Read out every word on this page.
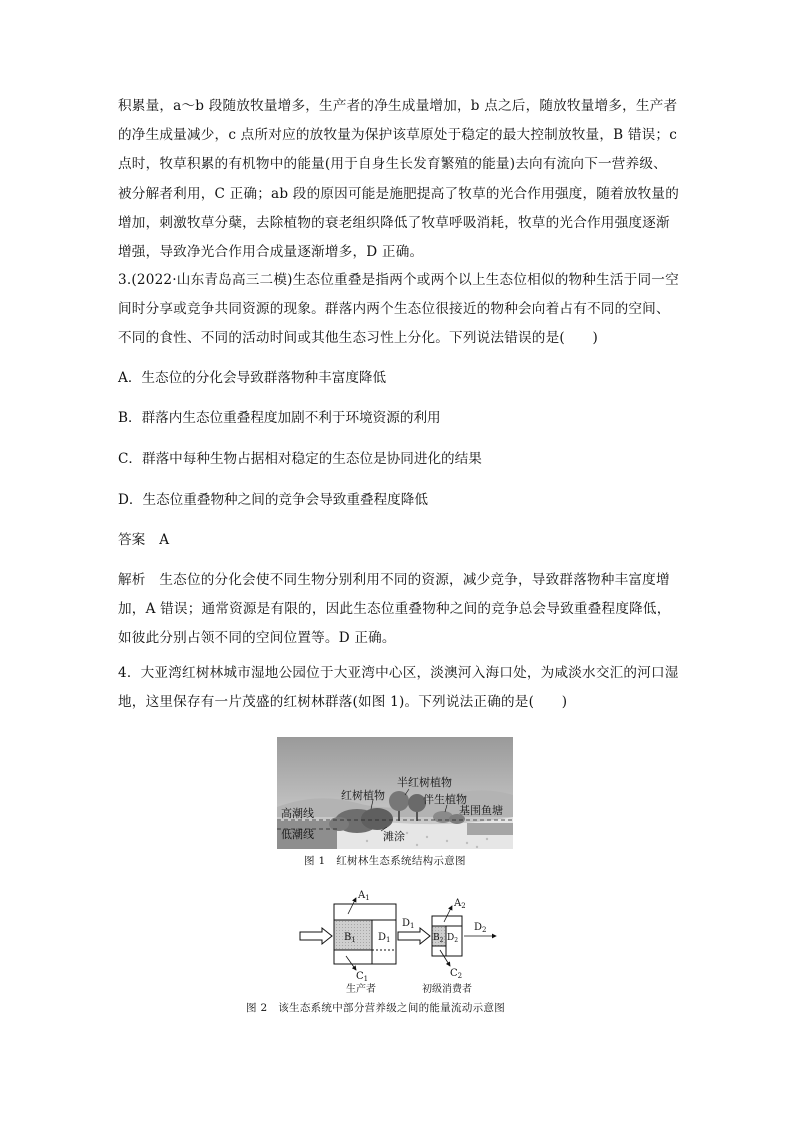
积累量，a～b 段随放牧量增多，生产者的净生成量增加，b 点之后，随放牧量增多，生产者
的净生成量减少，c 点所对应的放牧量为保护该草原处于稳定的最大控制放牧量，B 错误；c
点时，牧草积累的有机物中的能量(用于自身生长发育繁殖的能量)去向有流向下一营养级、
被分解者利用，C 正确；ab 段的原因可能是施肥提高了牧草的光合作用强度，随着放牧量的
增加，刺激牧草分蘖，去除植物的衰老组织降低了牧草呼吸消耗，牧草的光合作用强度逐渐
增强，导致净光合作用合成量逐渐增多，D 正确。
3.(2022·山东青岛高三二模)生态位重叠是指两个或两个以上生态位相似的物种生活于同一空
间时分享或竞争共同资源的现象。群落内两个生态位很接近的物种会向着占有不同的空间、
不同的食性、不同的活动时间或其他生态习性上分化。下列说法错误的是(　　)
A．生态位的分化会导致群落物种丰富度降低
B．群落内生态位重叠程度加剧不利于环境资源的利用
C．群落中每种生物占据相对稳定的生态位是协同进化的结果
D．生态位重叠物种之间的竞争会导致重叠程度降低
答案 A
解析　生态位的分化会使不同生物分别利用不同的资源，减少竞争，导致群落物种丰富度增
加，A 错误；通常资源是有限的，因此生态位重叠物种之间的竞争总会导致重叠程度降低，
如彼此分别占领不同的空间位置等。D 正确。
4．大亚湾红树林城市湿地公园位于大亚湾中心区，淡澳河入海口处，为咸淡水交汇的河口湿
地，这里保存有一片茂盛的红树林群落(如图 1)。下列说法正确的是(　　)
半红树植物
红树植物	伴生植物
基围鱼塘
高潮线
低潮线	滩涂
图 1　红树林生态系统结构示意图
$A_1$
$B_1$ $D_1$
$C_1$
生产者
$D_1$
$B_2$ $D_2$
$A_2$
$C_2$
初级消费者
$D_2$
图 2　该生态系统中部分营养级之间的能量流动示意图
